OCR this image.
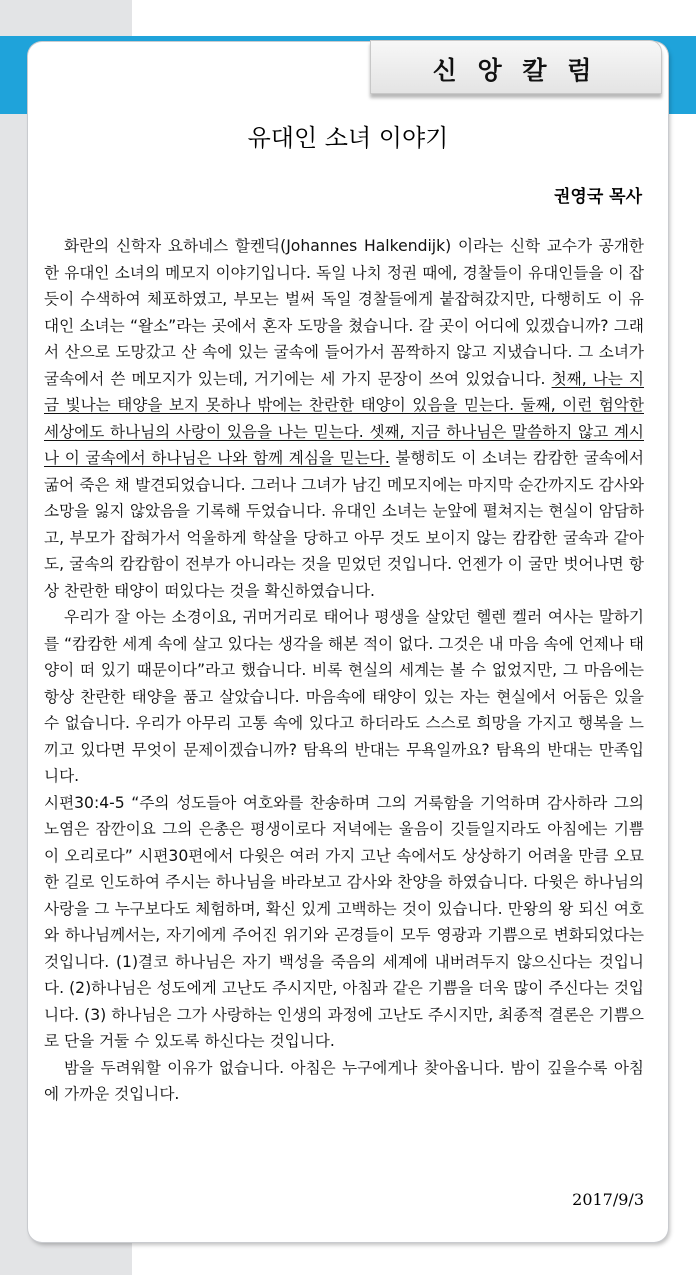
신 앙 칼 럼
유대인 소녀 이야기
권영국 목사

화란의 신학자 요하네스 할켄딕(Johannes Halkendijk) 이라는 신학 교수가 공개한 한 유대인 소녀의 메모지 이야기입니다. 독일 나치 정권 때에, 경찰들이 유대인들을 이 잡듯이 수색하여 체포하였고, 부모는 벌써 독일 경찰들에게 붙잡혀갔지만, 다행히도 이 유대인 소녀는 “왈소”라는 곳에서 혼자 도망을 쳤습니다. 갈 곳이 어디에 있겠습니까? 그래서 산으로 도망갔고 산 속에 있는 굴속에 들어가서 꼼짝하지 않고 지냈습니다. 그 소녀가 굴속에서 쓴 메모지가 있는데, 거기에는 세 가지 문장이 쓰여 있었습니다. 첫째, 나는 지금 빛나는 태양을 보지 못하나 밖에는 찬란한 태양이 있음을 믿는다. 둘째, 이런 험악한 세상에도 하나님의 사랑이 있음을 나는 믿는다. 셋째, 지금 하나님은 말씀하지 않고 계시나 이 굴속에서 하나님은 나와 함께 계심을 믿는다. 불행히도 이 소녀는 캄캄한 굴속에서 굶어 죽은 채 발견되었습니다. 그러나 그녀가 남긴 메모지에는 마지막 순간까지도 감사와 소망을 잃지 않았음을 기록해 두었습니다. 유대인 소녀는 눈앞에 펼쳐지는 현실이 암담하고, 부모가 잡혀가서 억울하게 학살을 당하고 아무 것도 보이지 않는 캄캄한 굴속과 같아도, 굴속의 캄캄함이 전부가 아니라는 것을 믿었던 것입니다. 언젠가 이 굴만 벗어나면 항상 찬란한 태양이 떠있다는 것을 확신하였습니다.

우리가 잘 아는 소경이요, 귀머거리로 태어나 평생을 살았던 헬렌 켈러 여사는 말하기를 “캄캄한 세계 속에 살고 있다는 생각을 해본 적이 없다. 그것은 내 마음 속에 언제나 태양이 떠 있기 때문이다”라고 했습니다. 비록 현실의 세계는 볼 수 없었지만, 그 마음에는 항상 찬란한 태양을 품고 살았습니다. 마음속에 태양이 있는 자는 현실에서 어둠은 있을 수 없습니다. 우리가 아무리 고통 속에 있다고 하더라도 스스로 희망을 가지고 행복을 느끼고 있다면 무엇이 문제이겠습니까? 탐욕의 반대는 무욕일까요? 탐욕의 반대는 만족입니다.

시편30:4-5 “주의 성도들아 여호와를 찬송하며 그의 거룩함을 기억하며 감사하라 그의 노염은 잠깐이요 그의 은총은 평생이로다 저녁에는 울음이 깃들일지라도 아침에는 기쁨이 오리로다” 시편30편에서 다윗은 여러 가지 고난 속에서도 상상하기 어려울 만큼 오묘한 길로 인도하여 주시는 하나님을 바라보고 감사와 찬양을 하였습니다. 다윗은 하나님의 사랑을 그 누구보다도 체험하며, 확신 있게 고백하는 것이 있습니다. 만왕의 왕 되신 여호와 하나님께서는, 자기에게 주어진 위기와 곤경들이 모두 영광과 기쁨으로 변화되었다는 것입니다. (1)결코 하나님은 자기 백성을 죽음의 세계에 내버려두지 않으신다는 것입니다. (2)하나님은 성도에게 고난도 주시지만, 아침과 같은 기쁨을 더욱 많이 주신다는 것입니다. (3) 하나님은 그가 사랑하는 인생의 과정에 고난도 주시지만, 최종적 결론은 기쁨으로 단을 거둘 수 있도록 하신다는 것입니다.

밤을 두려워할 이유가 없습니다. 아침은 누구에게나 찾아옵니다. 밤이 깊을수록 아침에 가까운 것입니다.

2017/9/3
